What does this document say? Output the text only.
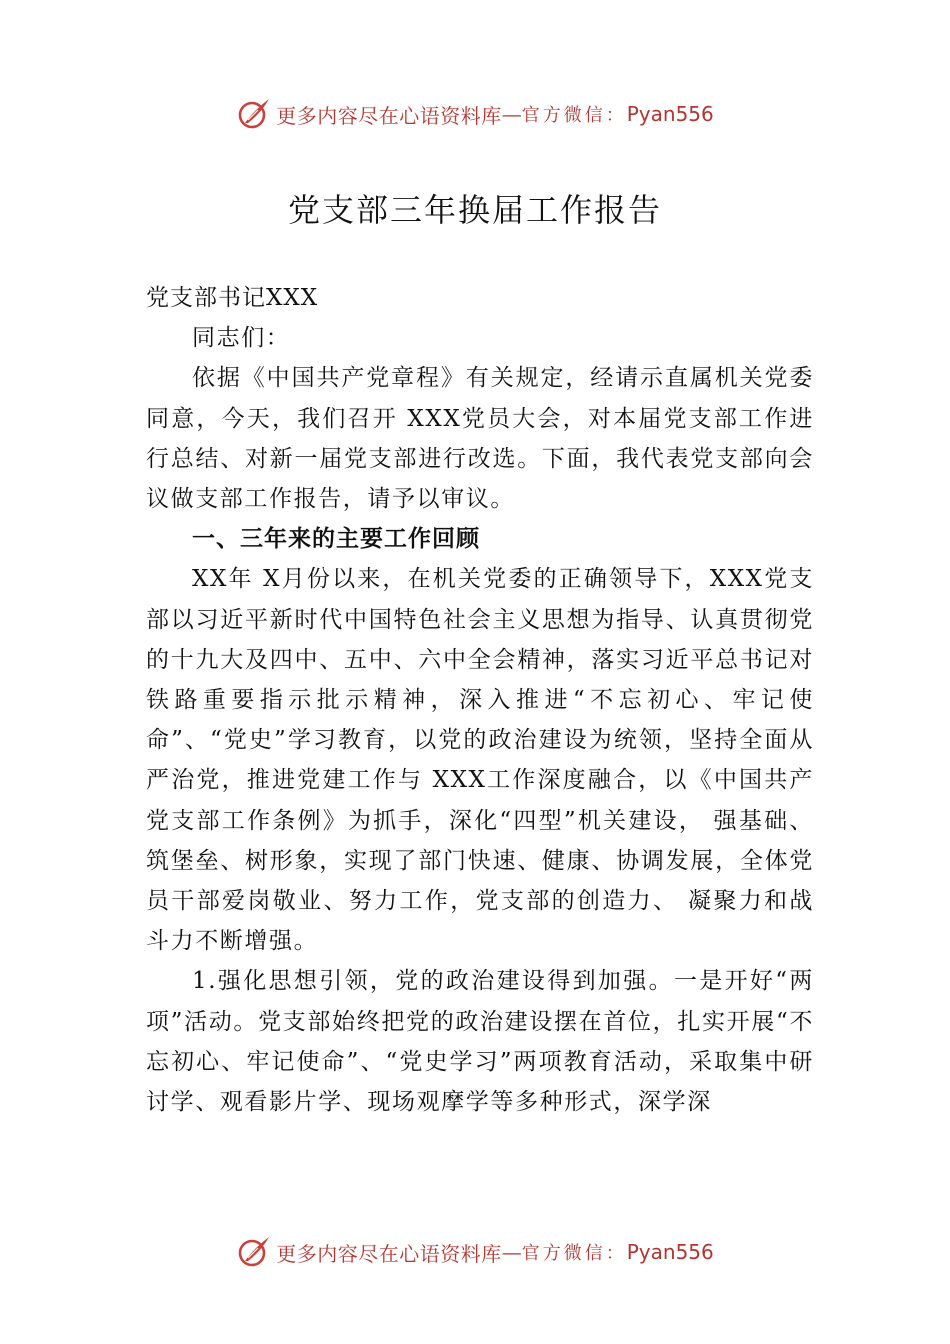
更多内容尽在心语资料库 — 官方微信： Pyan556
党支部三年换届工作报告

党支部书记XXX

同志们：

依据《中国共产党章程》有关规定，经请示直属机关党委同意，今天，我们召开 XXX党员大会，对本届党支部工作进行总结、对新一届党支部进行改选。下面，我代表党支部向会议做支部工作报告，请予以审议。

一、三年来的主要工作回顾

XX年 X月份以来，在机关党委的正确领导下，XXX党支部以习近平新时代中国特色社会主义思想为指导、认真贯彻党的十九大及四中、五中、六中全会精神，落实习近平总书记对铁路重要指示批示精神，深入推进“不忘初心、牢记使命”、“党史”学习教育，以党的政治建设为统领，坚持全面从严治党，推进党建工作与 XXX工作深度融合，以《中国共产党支部工作条例》为抓手，深化“四型”机关建设， 强基础、筑堡垒、树形象，实现了部门快速、健康、协调发展，全体党员干部爱岗敬业、努力工作，党支部的创造力、 凝聚力和战斗力不断增强。

1.强化思想引领，党的政治建设得到加强。一是开好“两项”活动。党支部始终把党的政治建设摆在首位，扎实开展“不忘初心、牢记使命”、“党史学习”两项教育活动，采取集中研讨学、观看影片学、现场观摩学等多种形式，深学深

更多内容尽在心语资料库 — 官方微信： Pyan556
